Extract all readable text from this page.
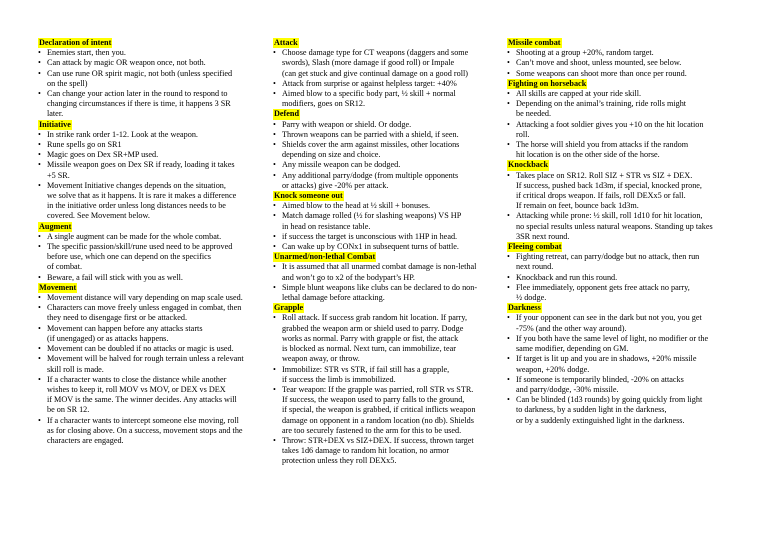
Declaration of intent
• Enemies start, then you.
• Can attack by magic OR weapon once, not both.
• Can use rune OR spirit magic, not both (unless specified
on the spell)
• Can change your action later in the round to respond to
changing circumstances if there is time, it happens 3 SR
later.
Initiative
• In strike rank order 1-12. Look at the weapon.
• Rune spells go on SR1
• Magic goes on Dex SR+MP used.
• Missile weapon goes on Dex SR if ready, loading it takes
+5 SR.
• Movement Initiative changes depends on the situation,
we solve that as it happens. It is rare it makes a difference
in the initiative order unless long distances needs to be
covered. See Movement below.
Augment
• A single augment can be made for the whole combat.
• The specific passion/skill/rune used need to be approved
before use, which one can depend on the specifics
of combat.
• Beware, a fail will stick with you as well.
Movement
• Movement distance will vary depending on map scale used.
• Characters can move freely unless engaged in combat, then
they need to disengage first or be attacked.
• Movement can happen before any attacks starts
(if unengaged) or as attacks happens.
• Movement can be doubled if no attacks or magic is used.
• Movement will be halved for rough terrain unless a relevant
skill roll is made.
• If a character wants to close the distance while another
wishes to keep it, roll MOV vs MOV, or DEX vs DEX
if MOV is the same. The winner decides. Any attacks will
be on SR 12.
• If a character wants to intercept someone else moving, roll
as for closing above. On a success, movement stops and the
characters are engaged.
Attack
• Choose damage type for CT weapons (daggers and some
swords), Slash (more damage if good roll) or Impale
(can get stuck and give continual damage on a good roll)
• Attack from surprise or against helpless target: +40%
• Aimed blow to a specific body part, ½ skill + normal
modifiers, goes on SR12.
Defend
• Parry with weapon or shield. Or dodge.
• Thrown weapons can be parried with a shield, if seen.
• Shields cover the arm against missiles, other locations
depending on size and choice.
• Any missile weapon can be dodged.
• Any additional parry/dodge (from multiple opponents
or attacks) give -20% per attack.
Knock someone out
• Aimed blow to the head at ½ skill + bonuses.
• Match damage rolled (½ for slashing weapons) VS HP
in head on resistance table.
• if success the target is unconscious with 1HP in head.
• Can wake up by CONx1 in subsequent turns of battle.
Unarmed/non-lethal Combat
• It is assumed that all unarmed combat damage is non-lethal
and won’t go to x2 of the bodypart’s HP.
• Simple blunt weapons like clubs can be declared to do non-
lethal damage before attacking.
Grapple
• Roll attack. If success grab random hit location. If parry,
grabbed the weapon arm or shield used to parry. Dodge
works as normal. Parry with grapple or fist, the attack
is blocked as normal. Next turn, can immobilize, tear
weapon away, or throw.
• Immobilize: STR vs STR, if fail still has a grapple,
if success the limb is immobilized.
• Tear weapon: If the grapple was parried, roll STR vs STR.
If success, the weapon used to parry falls to the ground,
if special, the weapon is grabbed, if critical inflicts weapon
damage on opponent in a random location (no db). Shields
are too securely fastened to the arm for this to be used.
• Throw: STR+DEX vs SIZ+DEX. If success, thrown target
takes 1d6 damage to random hit location, no armor
protection unless they roll DEXx5.
Missile combat
• Shooting at a group +20%, random target.
• Can’t move and shoot, unless mounted, see below.
• Some weapons can shoot more than once per round.
Fighting on horseback
• All skills are capped at your ride skill.
• Depending on the animal’s training, ride rolls might
be needed.
• Attacking a foot soldier gives you +10 on the hit location
roll.
• The horse will shield you from attacks if the random
hit location is on the other side of the horse.
Knockback
• Takes place on SR12. Roll SIZ + STR vs SIZ + DEX.
If success, pushed back 1d3m, if special, knocked prone,
if critical drops weapon. If fails, roll DEXx5 or fall.
If remain on feet, bounce back 1d3m.
• Attacking while prone: ½ skill, roll 1d10 for hit location,
no special results unless natural weapons. Standing up takes
3SR next round.
Fleeing combat
• Fighting retreat, can parry/dodge but no attack, then run
next round.
• Knockback and run this round.
• Flee immediately, opponent gets free attack no parry,
½ dodge.
Darkness
• If your opponent can see in the dark but not you, you get
-75% (and the other way around).
• If you both have the same level of light, no modifier or the
same modifier, depending on GM.
• If target is lit up and you are in shadows, +20% missile
weapon, +20% dodge.
• If someone is temporarily blinded, -20% on attacks
and parry/dodge, -30% missile.
• Can be blinded (1d3 rounds) by going quickly from light
to darkness, by a sudden light in the darkness,
or by a suddenly extinguished light in the darkness.
